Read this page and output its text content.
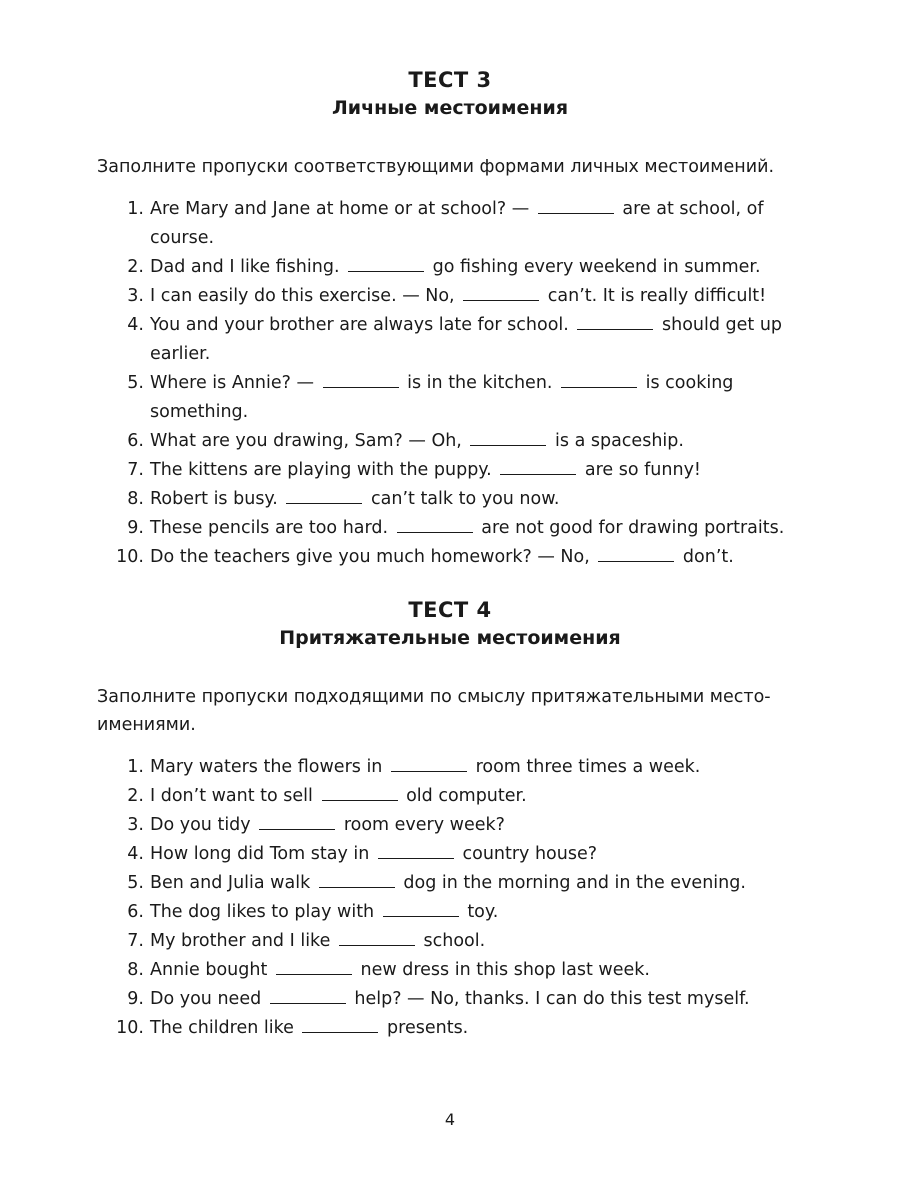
ТЕСТ 3
Личные местоимения

Заполните пропуски соответствующими формами личных местоимений.

1. Are Mary and Jane at home or at school? —	are at school, of course.
2. Dad and I like fishing.	go fishing every weekend in summer.
3. I can easily do this exercise. — No,	can’t. It is really difficult!
4. You and your brother are always late for school.	should get up earlier.
5. Where is Annie? —	is in the kitchen.	is cooking something.
6. What are you drawing, Sam? — Oh,	is a spaceship.
7. The kittens are playing with the puppy.	are so funny!
8. Robert is busy.	can’t talk to you now.
9. These pencils are too hard.	are not good for drawing portraits.
10. Do the teachers give you much homework? — No,	don’t.
ТЕСТ 4
Притяжательные местоимения

Заполните пропуски подходящими по смыслу притяжательными место-имениями.

1. Mary waters the flowers in	room three times a week.
2. I don’t want to sell	old computer.
3. Do you tidy	room every week?
4. How long did Tom stay in	country house?
5. Ben and Julia walk	dog in the morning and in the evening.
6. The dog likes to play with	toy.
7. My brother and I like	school.
8. Annie bought	new dress in this shop last week.
9. Do you need	help? — No, thanks. I can do this test myself.
10. The children like	presents.
4
